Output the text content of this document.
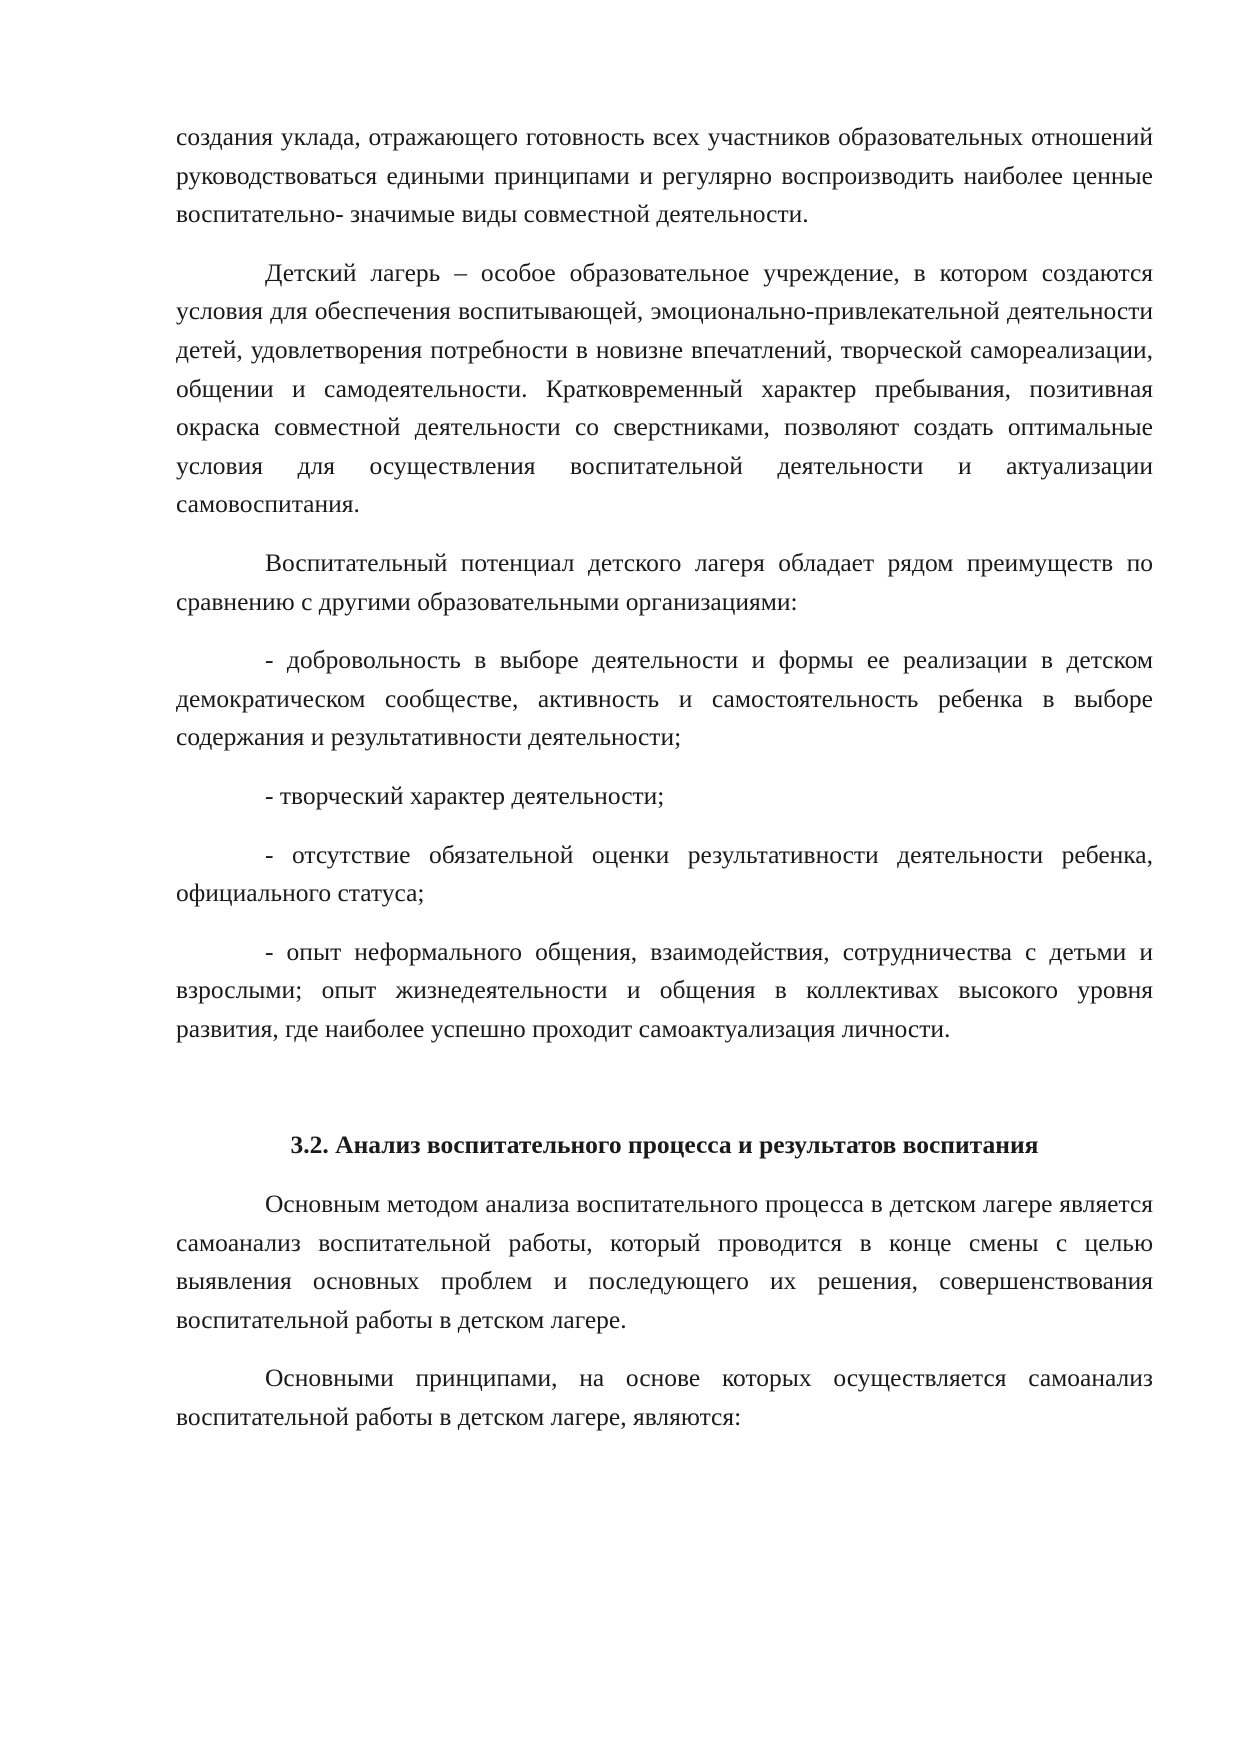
создания уклада, отражающего готовность всех участников образовательных отношений руководствоваться едиными принципами и регулярно воспроизводить наиболее ценные воспитательно- значимые виды совместной деятельности.

Детский лагерь – особое образовательное учреждение, в котором создаются условия для обеспечения воспитывающей, эмоционально-привлекательной деятельности детей, удовлетворения потребности в новизне впечатлений, творческой самореализации, общении и самодеятельности. Кратковременный характер пребывания, позитивная окраска совместной деятельности со сверстниками, позволяют создать оптимальные условия для осуществления воспитательной деятельности и актуализации самовоспитания.

Воспитательный потенциал детского лагеря обладает рядом преимуществ по сравнению с другими образовательными организациями:

- добровольность в выборе деятельности и формы ее реализации в детском демократическом сообществе, активность и самостоятельность ребенка в выборе содержания и результативности деятельности;

- творческий характер деятельности;

- отсутствие обязательной оценки результативности деятельности ребенка, официального статуса;

- опыт неформального общения, взаимодействия, сотрудничества с детьми и взрослыми; опыт жизнедеятельности и общения в коллективах высокого уровня развития, где наиболее успешно проходит самоактуализация личности.

3.2. Анализ воспитательного процесса и результатов воспитания

Основным методом анализа воспитательного процесса в детском лагере является самоанализ воспитательной работы, который проводится в конце смены с целью выявления основных проблем и последующего их решения, совершенствования воспитательной работы в детском лагере.

Основными принципами, на основе которых осуществляется самоанализ воспитательной работы в детском лагере, являются:
